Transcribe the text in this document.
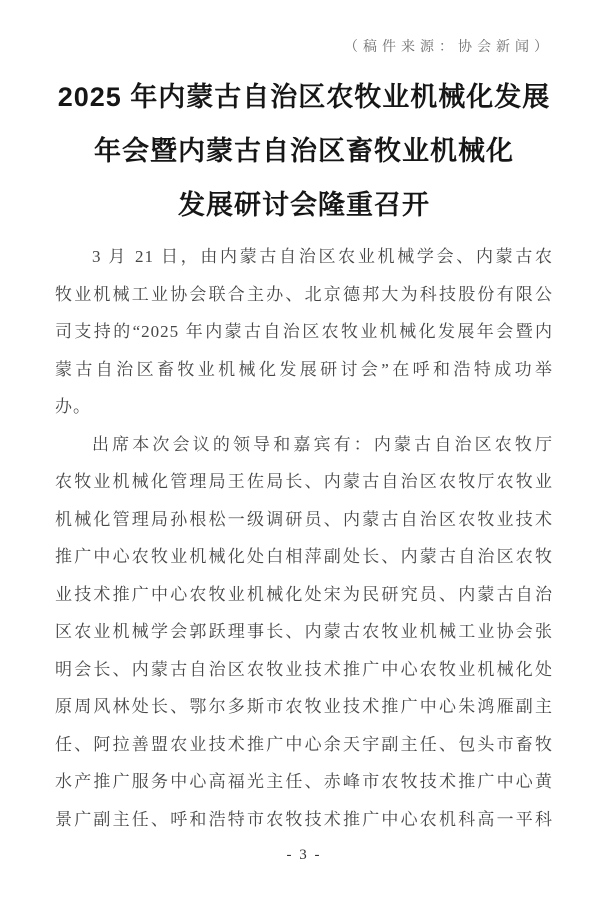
（稿件来源：协会新闻）
2025 年内蒙古自治区农牧业机械化发展
年会暨内蒙古自治区畜牧业机械化
发展研讨会隆重召开
3 月 21 日，由内蒙古自治区农业机械学会、内蒙古农
牧业机械工业协会联合主办、北京德邦大为科技股份有限公
司支持的“2025 年内蒙古自治区农牧业机械化发展年会暨内
蒙古自治区畜牧业机械化发展研讨会”在呼和浩特成功举
办。
出席本次会议的领导和嘉宾有：内蒙古自治区农牧厅
农牧业机械化管理局王佐局长、内蒙古自治区农牧厅农牧业
机械化管理局孙根松一级调研员、内蒙古自治区农牧业技术
推广中心农牧业机械化处白相萍副处长、内蒙古自治区农牧
业技术推广中心农牧业机械化处宋为民研究员、内蒙古自治
区农业机械学会郭跃理事长、内蒙古农牧业机械工业协会张
明会长、内蒙古自治区农牧业技术推广中心农牧业机械化处
原周风林处长、鄂尔多斯市农牧业技术推广中心朱鸿雁副主
任、阿拉善盟农业技术推广中心余天宇副主任、包头市畜牧
水产推广服务中心高福光主任、赤峰市农牧技术推广中心黄
景广副主任、呼和浩特市农牧技术推广中心农机科高一平科
- 3 -
